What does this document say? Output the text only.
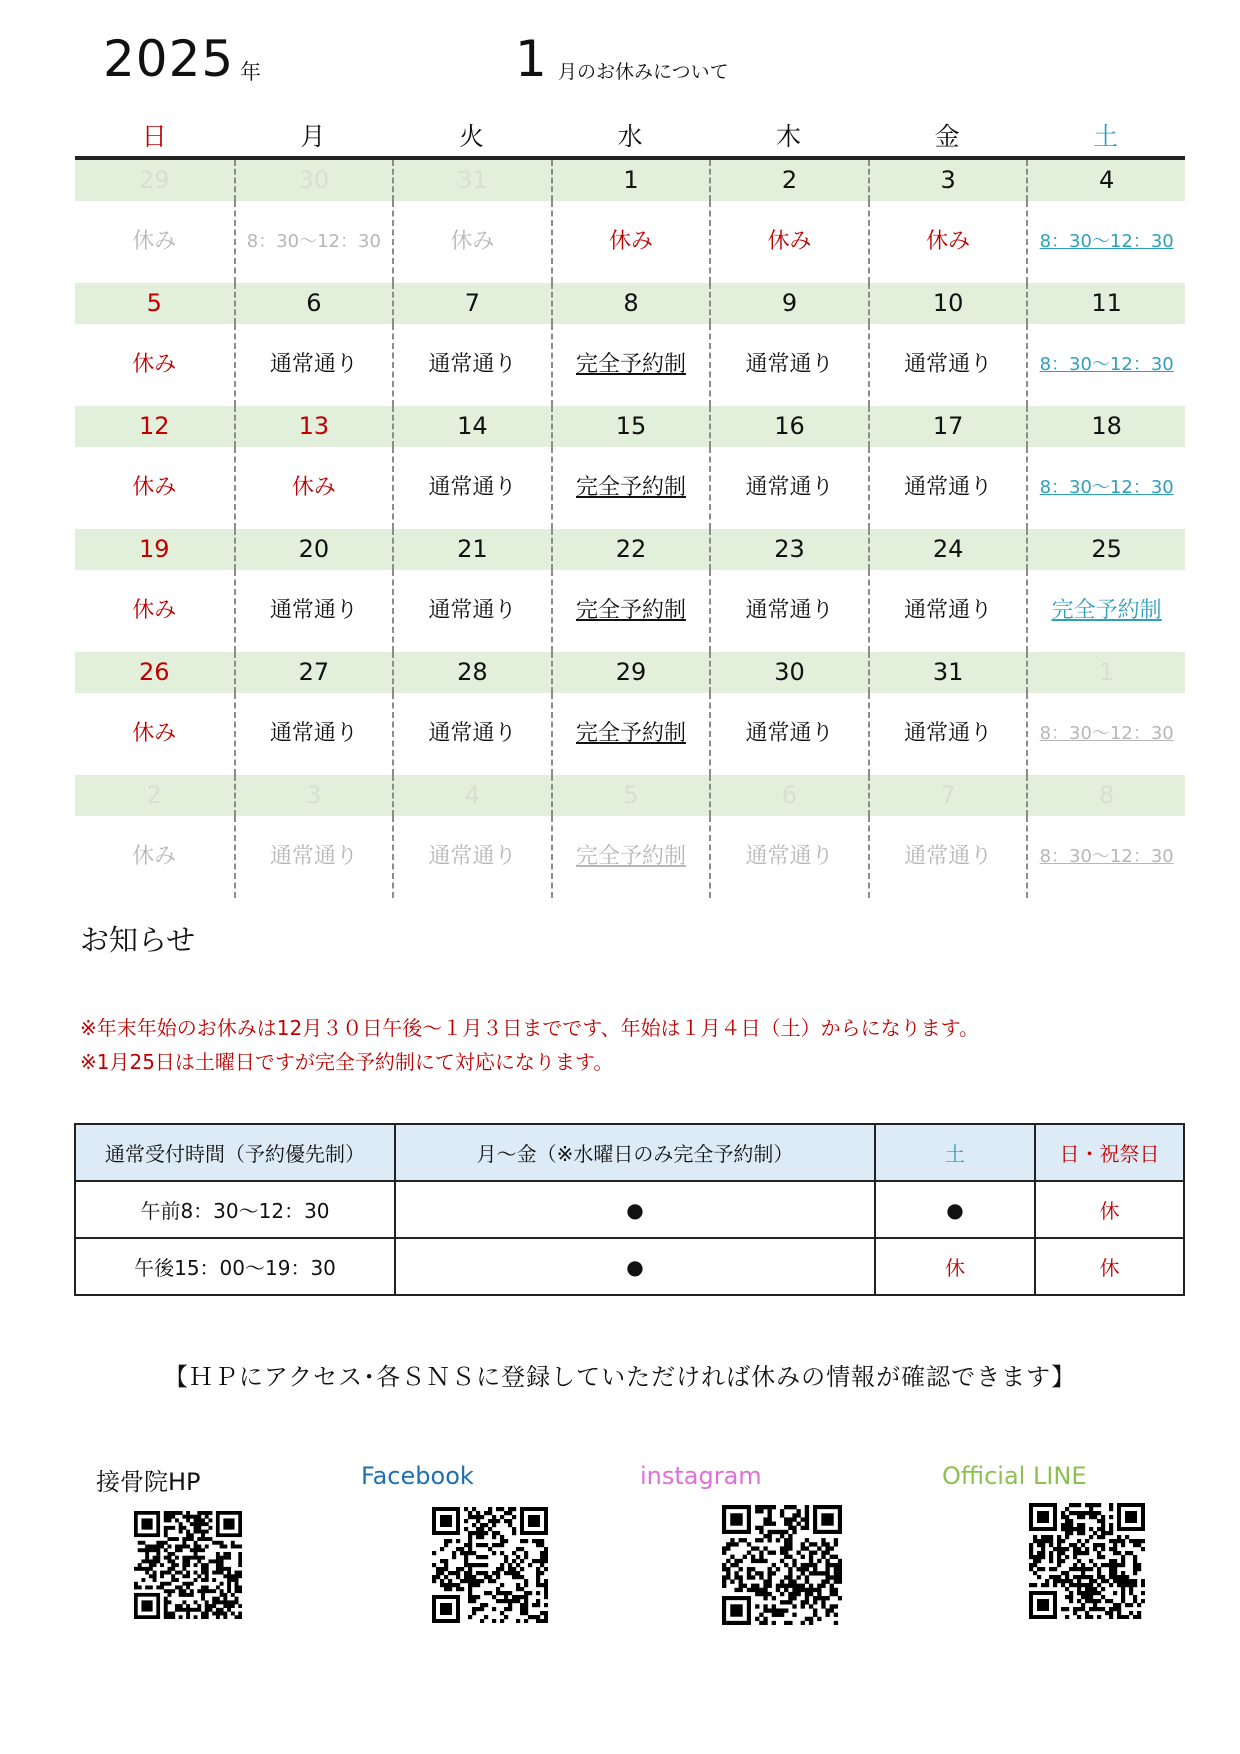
2025 年	1 月のお休みについて
日	月	火	水	木	金	土
29	30	31	1	2	3	4
休み	8：30～12：30	休み	休み	休み	休み	8：30～12：30
5	6	7	8	9	10	11
休み	通常通り	通常通り	完全予約制	通常通り	通常通り	8：30～12：30
12	13	14	15	16	17	18
休み	休み	通常通り	完全予約制	通常通り	通常通り	8：30～12：30
19	20	21	22	23	24	25
休み	通常通り	通常通り	完全予約制	通常通り	通常通り	完全予約制
26	27	28	29	30	31	1
休み	通常通り	通常通り	完全予約制	通常通り	通常通り	8：30～12：30
2	3	4	5	6	7	8
休み	通常通り	通常通り	完全予約制	通常通り	通常通り	8：30～12：30
お知らせ
※年末年始のお休みは12月３０日午後～１月３日までです、年始は１月４日（土）からになります。
※1月25日は土曜日ですが完全予約制にて対応になります。
通常受付時間（予約優先制）	月～金（※水曜日のみ完全予約制）	土	日・祝祭日
午前8：30～12：30	●	●	休
午後15：00～19：30	●	休	休
【ＨＰにアクセス･各ＳＮＳに登録していただければ休みの情報が確認できます】
接骨院HP	Facebook	instagram	Official LINE
